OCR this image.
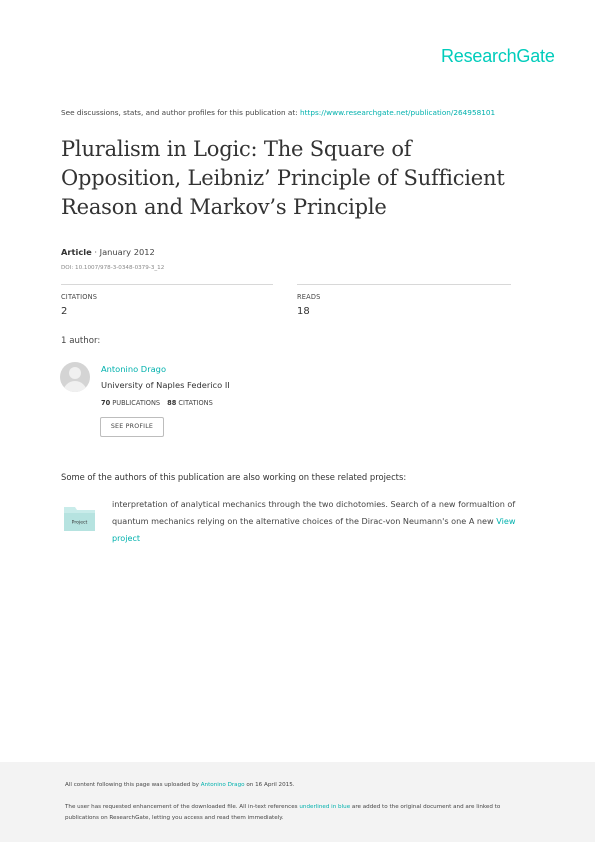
ResearchGate
See discussions, stats, and author profiles for this publication at: https://www.researchgate.net/publication/264958101
Pluralism in Logic: The Square of Opposition, Leibniz’ Principle of Sufficient Reason and Markov’s Principle
Article · January 2012
DOI: 10.1007/978-3-0348-0379-3_12
CITATIONS
2
READS
18
1 author:
Antonino Drago
University of Naples Federico II
70 PUBLICATIONS 88 CITATIONS
SEE PROFILE
Some of the authors of this publication are also working on these related projects:
Project

interpretation of analytical mechanics through the two dichotomies. Search of a new formualtion of quantum mechanics relying on the alternative choices of the Dirac-von Neumann's one A new View project

All content following this page was uploaded by Antonino Drago on 16 April 2015.

The user has requested enhancement of the downloaded file. All in-text references underlined in blue are added to the original document and are linked to publications on ResearchGate, letting you access and read them immediately.
